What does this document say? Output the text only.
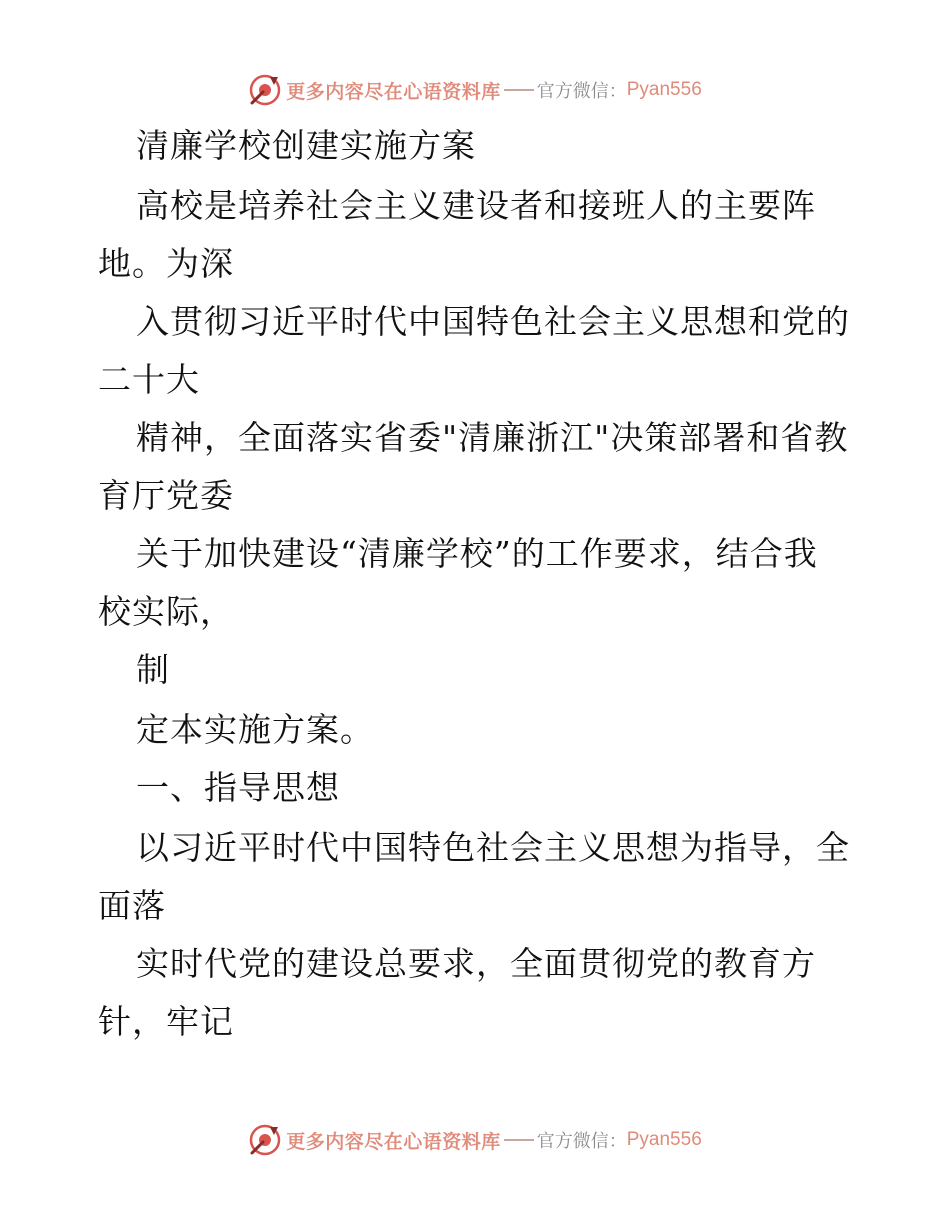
更多内容尽在心语资料库 官方微信： Pyan556
清廉学校创建实施方案
高校是培养社会主义建设者和接班人的主要阵
地。为深
入贯彻习近平时代中国特色社会主义思想和党的
二十大
精神，全面落实省委"清廉浙江"决策部署和省教
育厅党委
关于加快建设“清廉学校”的工作要求，结合我
校实际，
制
定本实施方案。
一、指导思想
以习近平时代中国特色社会主义思想为指导，全
面落
实时代党的建设总要求，全面贯彻党的教育方
针，牢记
更多内容尽在心语资料库 官方微信： Pyan556
